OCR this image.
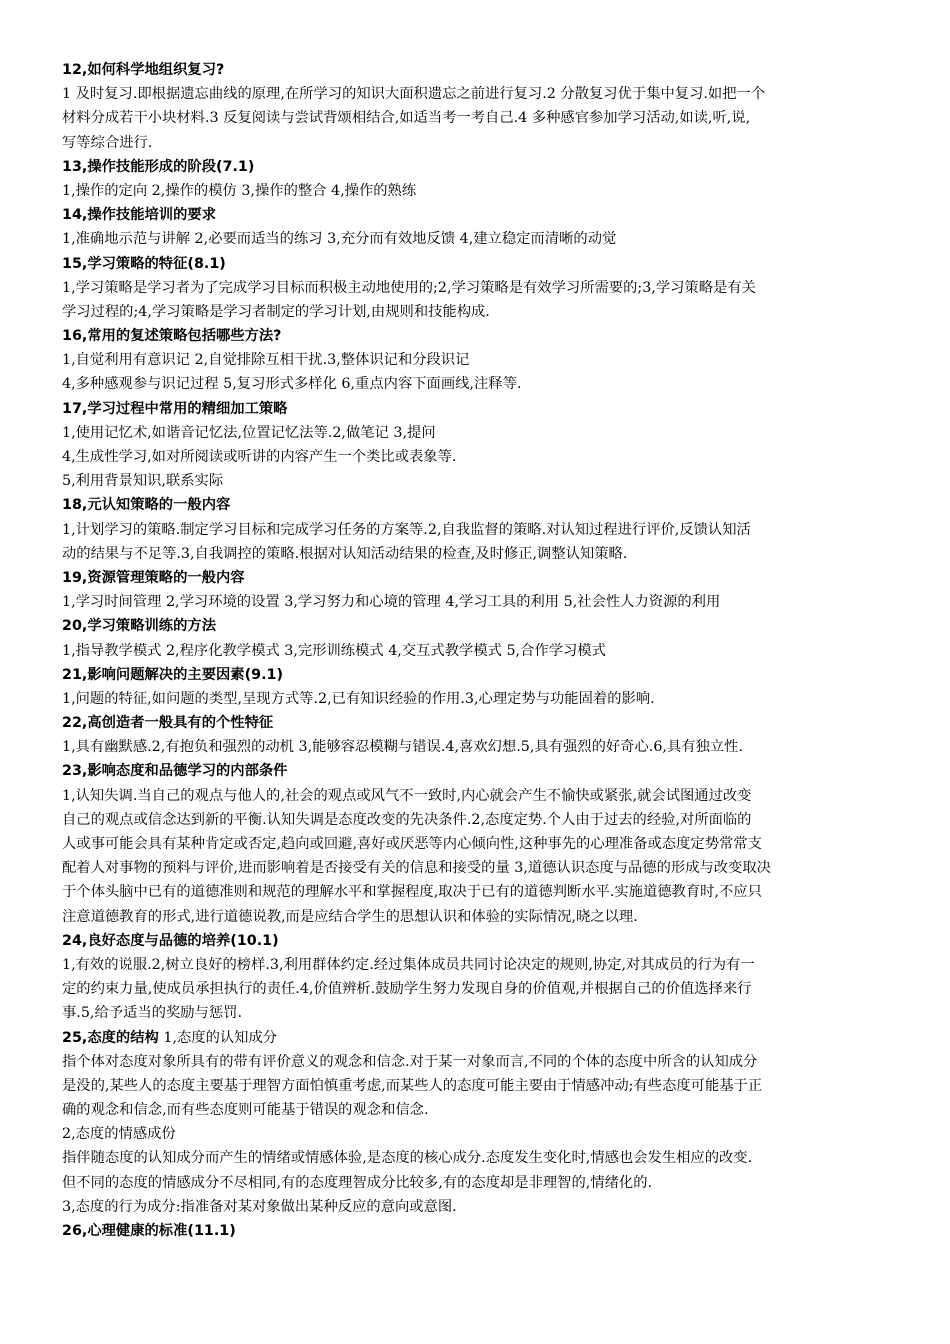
12,如何科学地组织复习?
1 及时复习.即根据遗忘曲线的原理,在所学习的知识大面积遗忘之前进行复习.2 分散复习优于集中复习.如把一个
材料分成若干小块材料.3 反复阅读与尝试背颂相结合,如适当考一考自己.4 多种感官参加学习活动,如读,听,说,
写等综合进行.
13,操作技能形成的阶段(7.1)
1,操作的定向 2,操作的模仿 3,操作的整合 4,操作的熟练
14,操作技能培训的要求
1,准确地示范与讲解 2,必要而适当的练习 3,充分而有效地反馈 4,建立稳定而清晰的动觉
15,学习策略的特征(8.1)
1,学习策略是学习者为了完成学习目标而积极主动地使用的;2,学习策略是有效学习所需要的;3,学习策略是有关
学习过程的;4,学习策略是学习者制定的学习计划,由规则和技能构成.
16,常用的复述策略包括哪些方法?
1,自觉利用有意识记 2,自觉排除互相干扰.3,整体识记和分段识记
4,多种感观参与识记过程 5,复习形式多样化 6,重点内容下面画线,注释等.
17,学习过程中常用的精细加工策略
1,使用记忆术,如谐音记忆法,位置记忆法等.2,做笔记 3,提问
4,生成性学习,如对所阅读或听讲的内容产生一个类比或表象等.
5,利用背景知识,联系实际
18,元认知策略的一般内容
1,计划学习的策略.制定学习目标和完成学习任务的方案等.2,自我监督的策略.对认知过程进行评价,反馈认知活
动的结果与不足等.3,自我调控的策略.根据对认知活动结果的检查,及时修正,调整认知策略.
19,资源管理策略的一般内容
1,学习时间管理 2,学习环境的设置 3,学习努力和心境的管理 4,学习工具的利用 5,社会性人力资源的利用
20,学习策略训练的方法
1,指导教学模式 2,程序化教学模式 3,完形训练模式 4,交互式教学模式 5,合作学习模式
21,影响问题解决的主要因素(9.1)
1,问题的特征,如问题的类型,呈现方式等.2,已有知识经验的作用.3,心理定势与功能固着的影响.
22,高创造者一般具有的个性特征
1,具有幽默感.2,有抱负和强烈的动机 3,能够容忍模糊与错误.4,喜欢幻想.5,具有强烈的好奇心.6,具有独立性.
23,影响态度和品德学习的内部条件
1,认知失调.当自己的观点与他人的,社会的观点或风气不一致时,内心就会产生不愉快或紧张,就会试图通过改变
自己的观点或信念达到新的平衡.认知失调是态度改变的先决条件.2,态度定势.个人由于过去的经验,对所面临的
人或事可能会具有某种肯定或否定,趋向或回避,喜好或厌恶等内心倾向性,这种事先的心理准备或态度定势常常支
配着人对事物的预料与评价,进而影响着是否接受有关的信息和接受的量 3,道德认识态度与品德的形成与改变取决
于个体头脑中已有的道德准则和规范的理解水平和掌握程度,取决于已有的道德判断水平.实施道德教育时,不应只
注意道德教育的形式,进行道德说教,而是应结合学生的思想认识和体验的实际情况,晓之以理.
24,良好态度与品德的培养(10.1)
1,有效的说服.2,树立良好的榜样.3,利用群体约定.经过集体成员共同讨论决定的规则,协定,对其成员的行为有一
定的约束力量,使成员承担执行的责任.4,价值辨析.鼓励学生努力发现自身的价值观,并根据自己的价值选择来行
事.5,给予适当的奖励与惩罚.
25,态度的结构 1,态度的认知成分
指个体对态度对象所具有的带有评价意义的观念和信念.对于某一对象而言,不同的个体的态度中所含的认知成分
是没的,某些人的态度主要基于理智方面怕慎重考虑,而某些人的态度可能主要由于情感冲动;有些态度可能基于正
确的观念和信念,而有些态度则可能基于错误的观念和信念.
2,态度的情感成份
指伴随态度的认知成分而产生的情绪或情感体验,是态度的核心成分.态度发生变化时,情感也会发生相应的改变.
但不同的态度的情感成分不尽相同,有的态度理智成分比较多,有的态度却是非理智的,情绪化的.
3,态度的行为成分:指准备对某对象做出某种反应的意向或意图.
26,心理健康的标准(11.1)
